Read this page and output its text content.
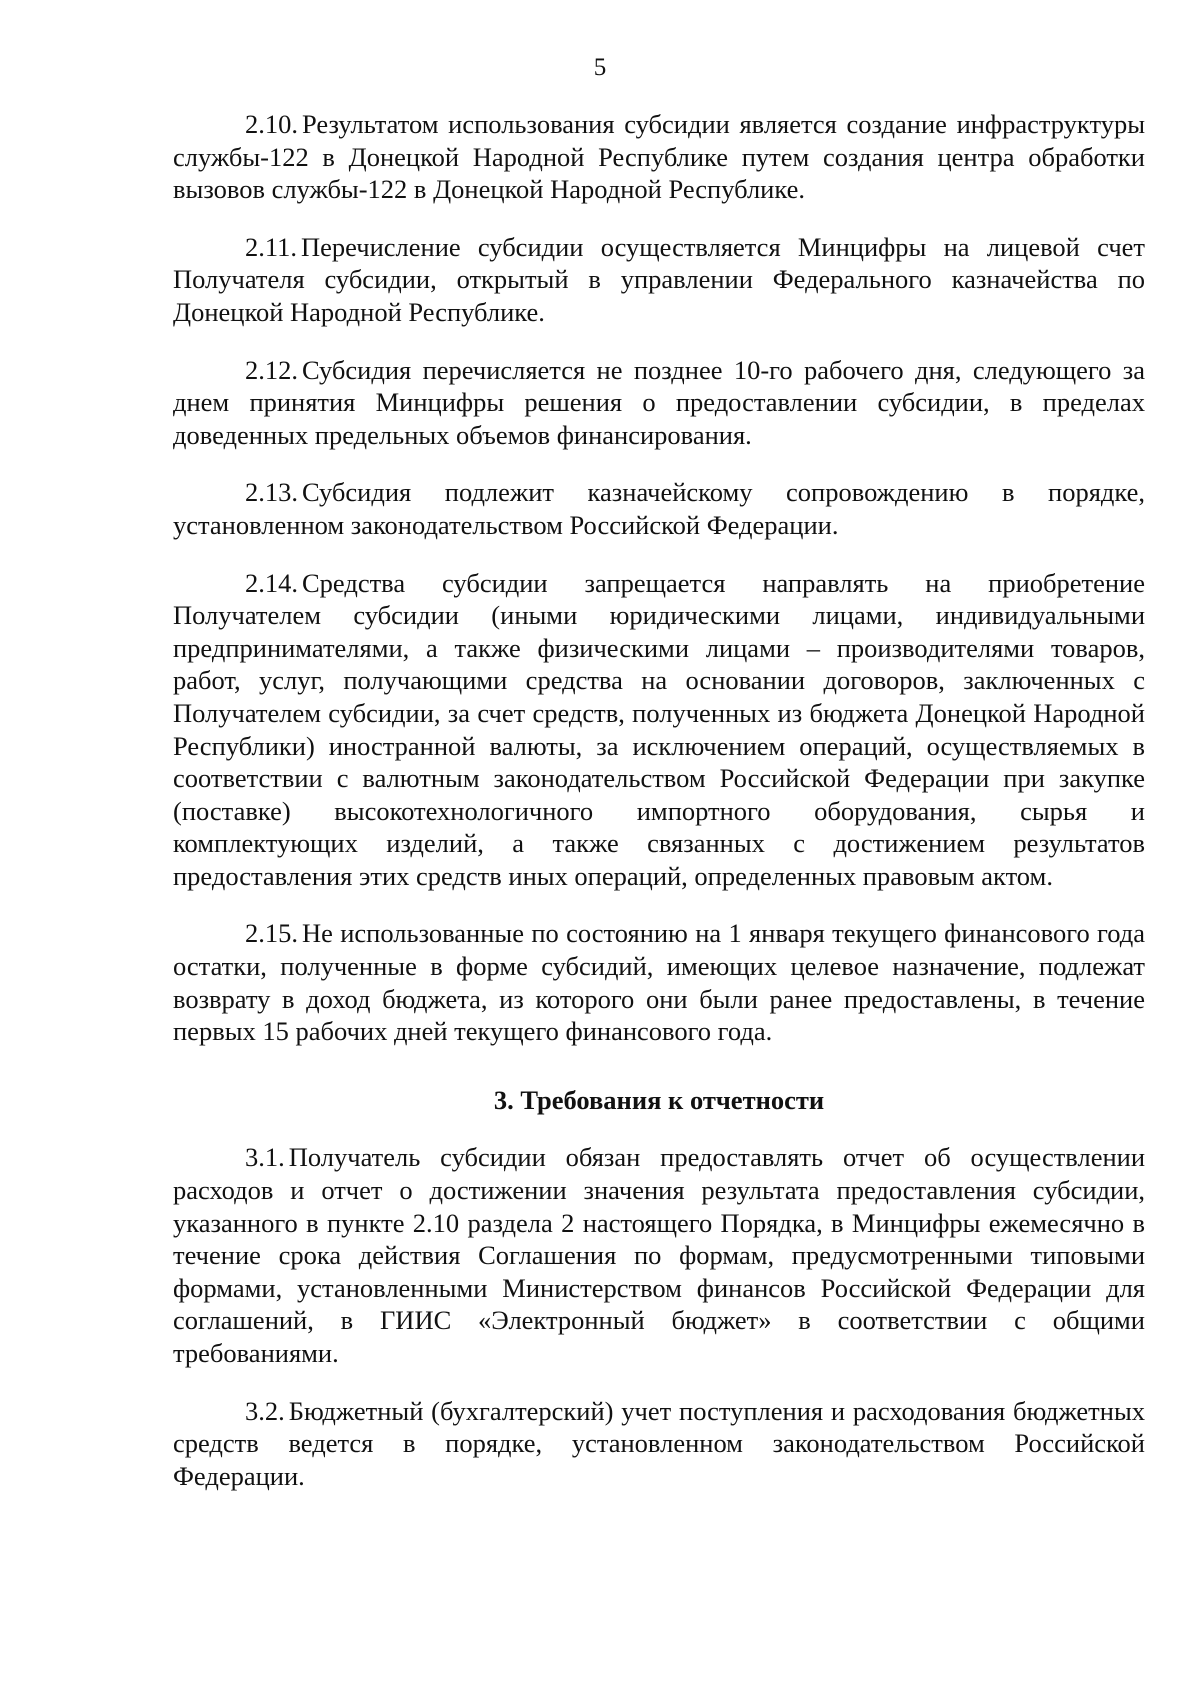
5

2.10. Результатом использования субсидии является создание инфраструктуры службы-122 в Донецкой Народной Республике путем создания центра обработки вызовов службы-122 в Донецкой Народной Республике.

2.11. Перечисление субсидии осуществляется Минцифры на лицевой счет Получателя субсидии, открытый в управлении Федерального казначейства по Донецкой Народной Республике.

2.12. Субсидия перечисляется не позднее 10-го рабочего дня, следующего за днем принятия Минцифры решения о предоставлении субсидии, в пределах доведенных предельных объемов финансирования.

2.13. Субсидия подлежит казначейскому сопровождению в порядке, установленном законодательством Российской Федерации.

2.14. Средства субсидии запрещается направлять на приобретение Получателем субсидии (иными юридическими лицами, индивидуальными предпринимателями, а также физическими лицами – производителями товаров, работ, услуг, получающими средства на основании договоров, заключенных с Получателем субсидии, за счет средств, полученных из бюджета Донецкой Народной Республики) иностранной валюты, за исключением операций, осуществляемых в соответствии с валютным законодательством Российской Федерации при закупке (поставке) высокотехнологичного импортного оборудования, сырья и комплектующих изделий, а также связанных с достижением результатов предоставления этих средств иных операций, определенных правовым актом.

2.15. Не использованные по состоянию на 1 января текущего финансового года остатки, полученные в форме субсидий, имеющих целевое назначение, подлежат возврату в доход бюджета, из которого они были ранее предоставлены, в течение первых 15 рабочих дней текущего финансового года.

3. Требования к отчетности

3.1. Получатель субсидии обязан предоставлять отчет об осуществлении расходов и отчет о достижении значения результата предоставления субсидии, указанного в пункте 2.10 раздела 2 настоящего Порядка, в Минцифры ежемесячно в течение срока действия Соглашения по формам, предусмотренными типовыми формами, установленными Министерством финансов Российской Федерации для соглашений, в ГИИС «Электронный бюджет» в соответствии с общими требованиями.

3.2. Бюджетный (бухгалтерский) учет поступления и расходования бюджетных средств ведется в порядке, установленном законодательством Российской Федерации.
